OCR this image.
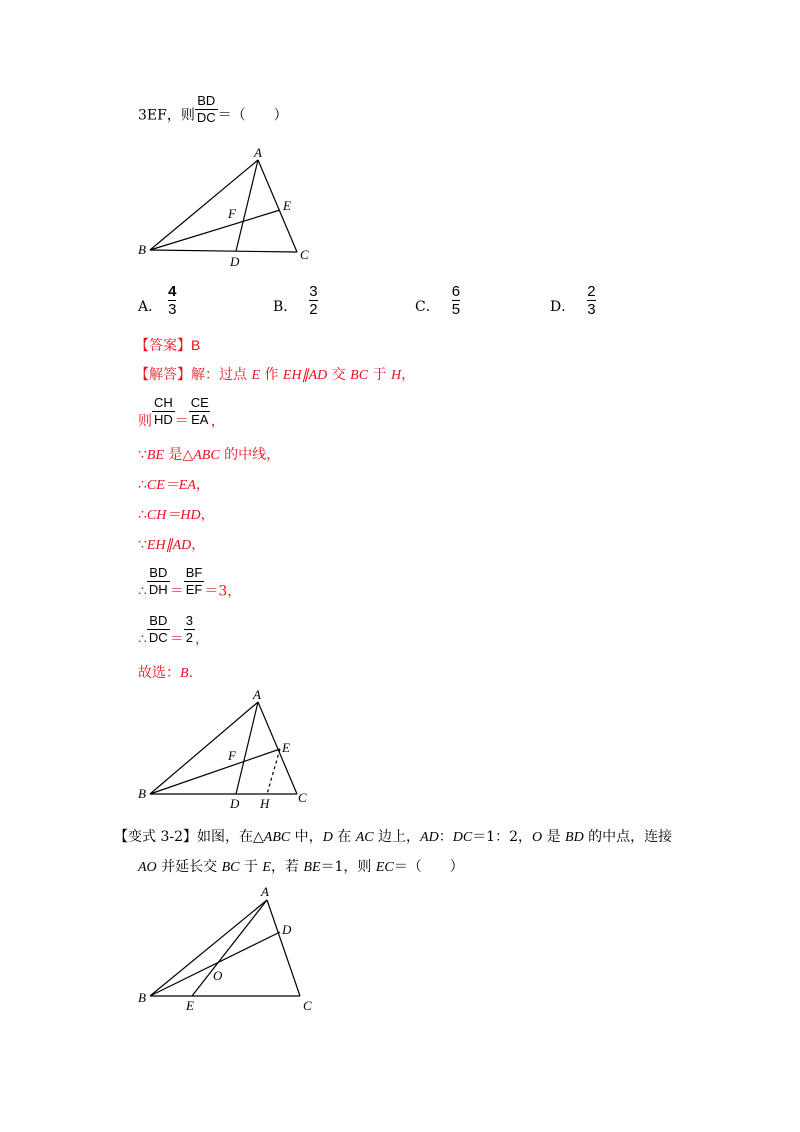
3EF，则 $\frac{BD}{DC}$ ＝（　　）
A
B	C
D
E
F
A． $\frac{4}{3}$	B． $\frac{3}{2}$	C． $\frac{6}{5}$	D． $\frac{2}{3}$
【答案】B
【解答】解：过点 E 作 EH∥AD 交 BC 于 H，
则 $\frac{CH}{HD} = \frac{CE}{EA}$ ，
∵BE 是△ABC 的中线，
∴CE＝EA，
∴CH＝HD，
∵EH∥AD，
∴ $\frac{BD}{DH} = \frac{BF}{EF} =3$，
∴ $\frac{BD}{DC} = \frac{3}{2}$ ，
故选：B.
A
B	C
D
E
F
H
【变式 3-2】如图，在△ABC 中，D 在 AC 边上，AD：DC＝1：2，O 是 BD 的中点，连接
AO 并延长交 BC 于 E，若 BE＝1，则 EC＝（　　）
A
B
C
D
E
O
